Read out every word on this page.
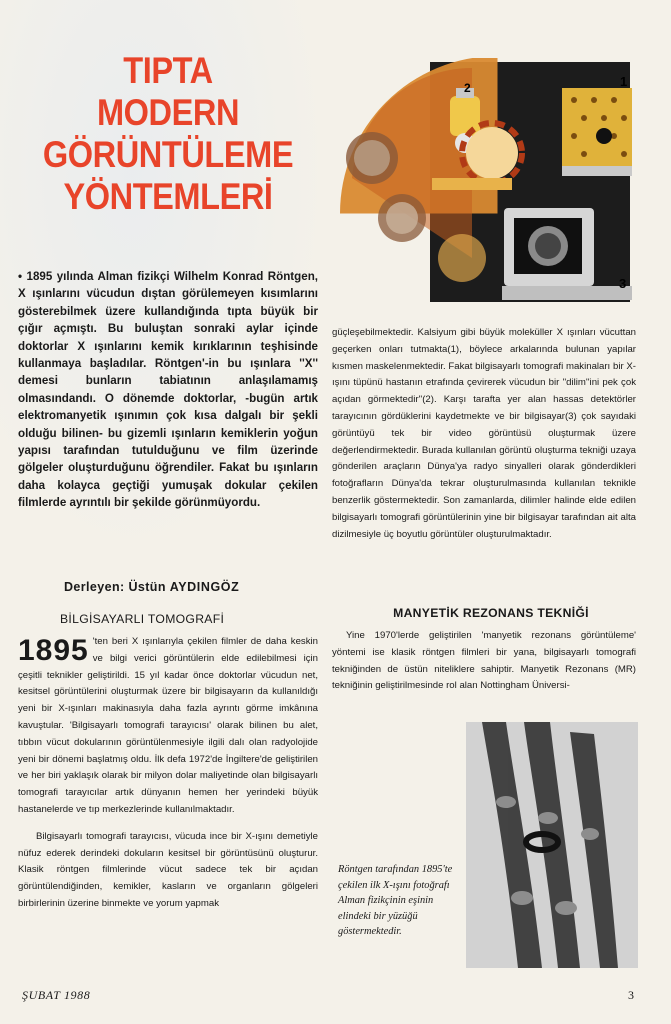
TIPTA
MODERN
GÖRÜNTÜLEME
YÖNTEMLERİ
2	1
3
• 1895 yılında Alman fizikçi Wilhelm Konrad Röntgen, X ışınlarını vücudun dıştan görülemeyen kısımlarını gösterebilmek üzere kullandığında tıpta büyük bir çığır açmıştı. Bu buluştan sonraki aylar içinde doktorlar X ışınlarını kemik kırıklarının teşhisinde kullanmaya başladılar. Röntgen'-in bu ışınlara ''X'' demesi bunların tabiatının anlaşılamamış olmasındandı. O dönemde doktorlar, -bugün artık elektromanyetik ışınımın çok kısa dalgalı bir şekli olduğu bilinen- bu gizemli ışınların kemiklerin yoğun yapısı tarafından tutulduğunu ve film üzerinde gölgeler oluşturduğunu öğrendiler. Fakat bu ışınların daha kolayca geçtiği yumuşak dokular çekilen filmlerde ayrıntılı bir şekilde görünmüyordu.
Derleyen: Üstün AYDINGÖZ
BİLGİSAYARLI TOMOGRAFİ

1895 'ten beri X ışınlarıyla çekilen filmler de daha keskin ve bilgi verici görüntülerin elde edilebilmesi için çeşitli teknikler geliştirildi. 15 yıl kadar önce doktorlar vücudun net, kesitsel görüntülerini oluşturmak üzere bir bilgisayarın da kullanıldığı yeni bir X-ışınları makinasıyla daha fazla ayrıntı görme imkânına kavuştular. 'Bilgisayarlı tomografi tarayıcısı' olarak bilinen bu alet, tıbbın vücut dokularının görüntülenmesiyle ilgili dalı olan radyolojide yeni bir dönemi başlatmış oldu. İlk defa 1972'de İngiltere'de geliştirilen ve her biri yaklaşık olarak bir milyon dolar maliyetinde olan bilgisayarlı tomografi tarayıcılar artık dünyanın hemen her yerindeki büyük hastanelerde ve tıp merkezlerinde kullanılmaktadır.

Bilgisayarlı tomografi tarayıcısı, vücuda ince bir X-ışını demetiyle nüfuz ederek derindeki dokuların kesitsel bir görüntüsünü oluşturur. Klasik röntgen filmlerinde vücut sadece tek bir açıdan görüntülendiğinden, kemikler, kasların ve organların gölgeleri birbirlerinin üzerine binmekte ve yorum yapmak

güçleşebilmektedir. Kalsiyum gibi büyük moleküller X ışınları vücuttan geçerken onları tutmakta(1), böylece arkalarında bulunan yapılar kısmen maskelenmektedir. Fakat bilgisayarlı tomografi makinaları bir X-ışını tüpünü hastanın etrafında çevirerek vücudun bir ''dilim''ini pek çok açıdan görmektedir''(2). Karşı tarafta yer alan hassas detektörler tarayıcının gördüklerini kaydetmekte ve bir bilgisayar(3) çok sayıdaki görüntüyü tek bir video görüntüsü oluşturmak üzere değerlendirmektedir. Burada kullanılan görüntü oluşturma tekniği uzaya gönderilen araçların Dünya'ya radyo sinyalleri olarak gönderdikleri fotoğrafların Dünya'da tekrar oluşturulmasında kullanılan teknikle benzerlik göstermektedir. Son zamanlarda, dilimler halinde elde edilen bilgisayarlı tomografi görüntülerinin yine bir bilgisayar tarafından ait alta dizilmesiyle üç boyutlu görüntüler oluşturulmaktadır.

MANYETİK REZONANS TEKNİĞİ

Yine 1970'lerde geliştirilen 'manyetik rezonans görüntüleme' yöntemi ise klasik röntgen filmleri bir yana, bilgisayarlı tomografi tekniğinden de üstün niteliklere sahiptir. Manyetik Rezonans (MR) tekniğinin geliştirilmesinde rol alan Nottingham Üniversi-

Röntgen tarafından 1895'te çekilen ilk X-ışını fotoğrafı Alman fizikçinin eşinin elindeki bir yüzüğü göstermektedir.
ŞUBAT 1988	3
